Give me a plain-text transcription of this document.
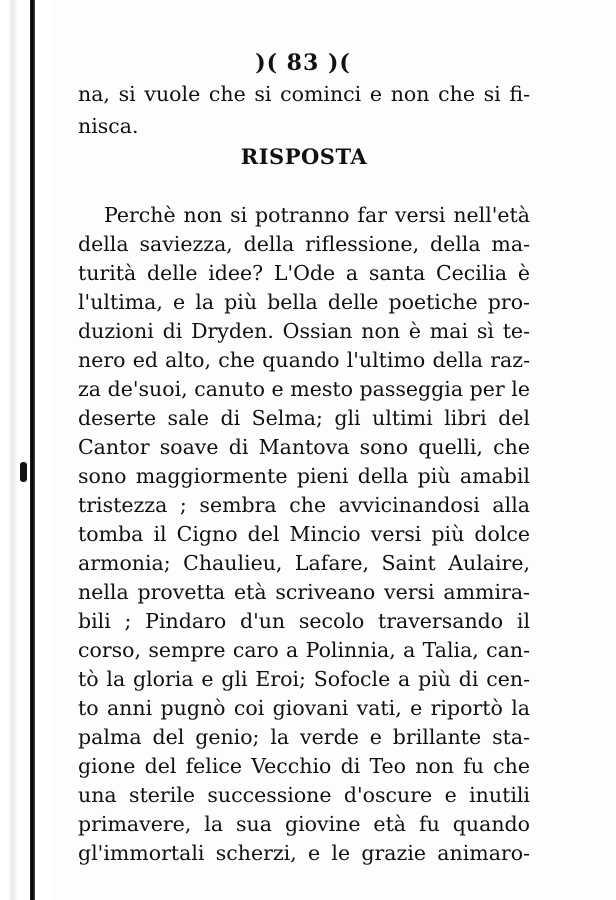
)( 83 )(
na, si vuole che si cominci e non che si fi-
nisca.
RISPOSTA
Perchè non si potranno far versi nell'età
della saviezza, della riflessione, della ma-
turità delle idee? L'Ode a santa Cecilia è
l'ultima, e la più bella delle poetiche pro-
duzioni di Dryden. Ossian non è mai sì te-
nero ed alto, che quando l'ultimo della raz-
za de'suoi, canuto e mesto passeggia per le
deserte sale di Selma; gli ultimi libri del
Cantor soave di Mantova sono quelli, che
sono maggiormente pieni della più amabil
tristezza ; sembra che avvicinandosi alla
tomba il Cigno del Mincio versi più dolce
armonia; Chaulieu, Lafare, Saint Aulaire,
nella provetta età scriveano versi ammira-
bili ; Pindaro d'un secolo traversando il
corso, sempre caro a Polinnia, a Talia, can-
tò la gloria e gli Eroi; Sofocle a più di cen-
to anni pugnò coi giovani vati, e riportò la
palma del genio; la verde e brillante sta-
gione del felice Vecchio di Teo non fu che
una sterile successione d'oscure e inutili
primavere, la sua giovine età fu quando
gl'immortali scherzi, e le grazie animaro-
